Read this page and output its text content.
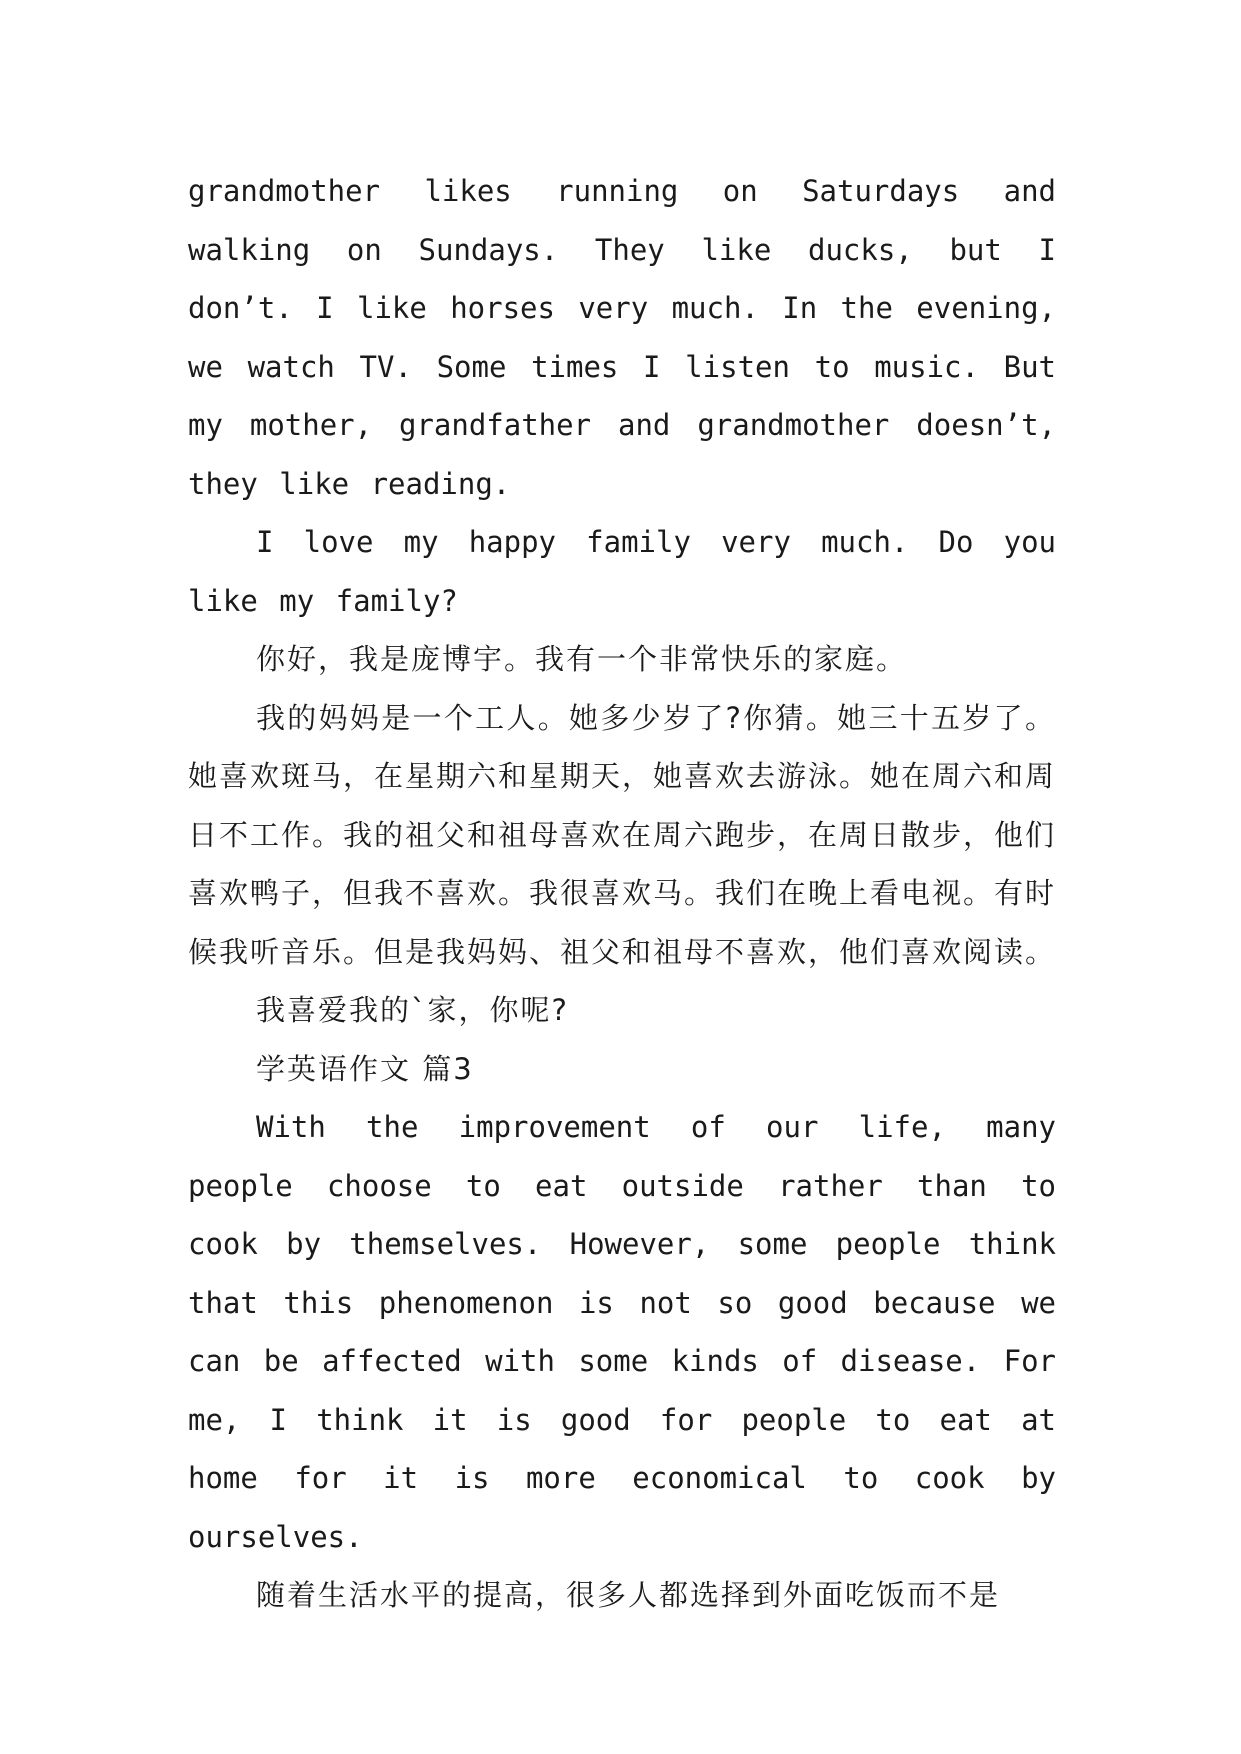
grandmother likes running on Saturdays and walking on Sundays. They like ducks, but I don’t. I like horses very much. In the evening, we watch TV. Some times I listen to music. But my mother, grandfather and grandmother doesn’t, they like reading.

I love my happy family very much. Do you like my family?

你好，我是庞博宇。我有一个非常快乐的家庭。

我的妈妈是一个工人。她多少岁了?你猜。她三十五岁了。她喜欢斑马，在星期六和星期天，她喜欢去游泳。她在周六和周日不工作。我的祖父和祖母喜欢在周六跑步，在周日散步，他们喜欢鸭子，但我不喜欢。我很喜欢马。我们在晚上看电视。有时候我听音乐。但是我妈妈、祖父和祖母不喜欢，他们喜欢阅读。

我喜爱我的`家，你呢?

学英语作文 篇3

With the improvement of our life, many people choose to eat outside rather than to cook by themselves. However, some people think that this phenomenon is not so good because we can be affected with some kinds of disease. For me, I think it is good for people to eat at home for it is more economical to cook by ourselves.

随着生活水平的提高，很多人都选择到外面吃饭而不是
